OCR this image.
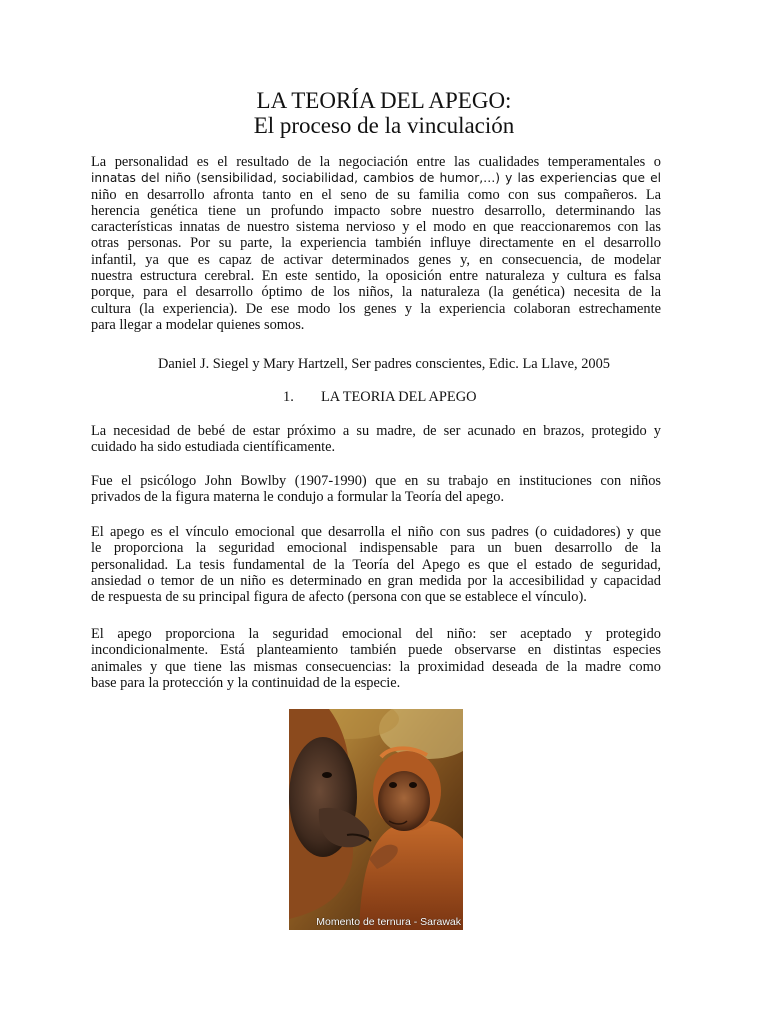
LA TEORÍA DEL APEGO:
El proceso de la vinculación
La personalidad es el resultado de la negociación entre las cualidades temperamentales o
innatas del niño (sensibilidad, sociabilidad, cambios de humor,…) y las experiencias que el
niño en desarrollo afronta tanto en el seno de su familia como con sus compañeros. La
herencia genética tiene un profundo impacto sobre nuestro desarrollo, determinando las
características innatas de nuestro sistema nervioso y el modo en que reaccionaremos con las
otras personas. Por su parte, la experiencia también influye directamente en el desarrollo
infantil, ya que es capaz de activar determinados genes y, en consecuencia, de modelar
nuestra estructura cerebral. En este sentido, la oposición entre naturaleza y cultura es falsa
porque, para el desarrollo óptimo de los niños, la naturaleza (la genética) necesita de la
cultura (la experiencia). De ese modo los genes y la experiencia colaboran estrechamente
para llegar a modelar quienes somos.
Daniel J. Siegel y Mary Hartzell, Ser padres conscientes, Edic. La Llave, 2005
1. LA TEORIA DEL APEGO
La necesidad de bebé de estar próximo a su madre, de ser acunado en brazos, protegido y
cuidado ha sido estudiada científicamente.
Fue el psicólogo John Bowlby (1907-1990) que en su trabajo en instituciones con niños
privados de la figura materna le condujo a formular la Teoría del apego.
El apego es el vínculo emocional que desarrolla el niño con sus padres (o cuidadores) y que
le proporciona la seguridad emocional indispensable para un buen desarrollo de la
personalidad. La tesis fundamental de la Teoría del Apego es que el estado de seguridad,
ansiedad o temor de un niño es determinado en gran medida por la accesibilidad y capacidad
de respuesta de su principal figura de afecto (persona con que se establece el vínculo).
El apego proporciona la seguridad emocional del niño: ser aceptado y protegido
incondicionalmente. Está planteamiento también puede observarse en distintas especies
animales y que tiene las mismas consecuencias: la proximidad deseada de la madre como
base para la protección y la continuidad de la especie.
Momento de ternura - Sarawak
